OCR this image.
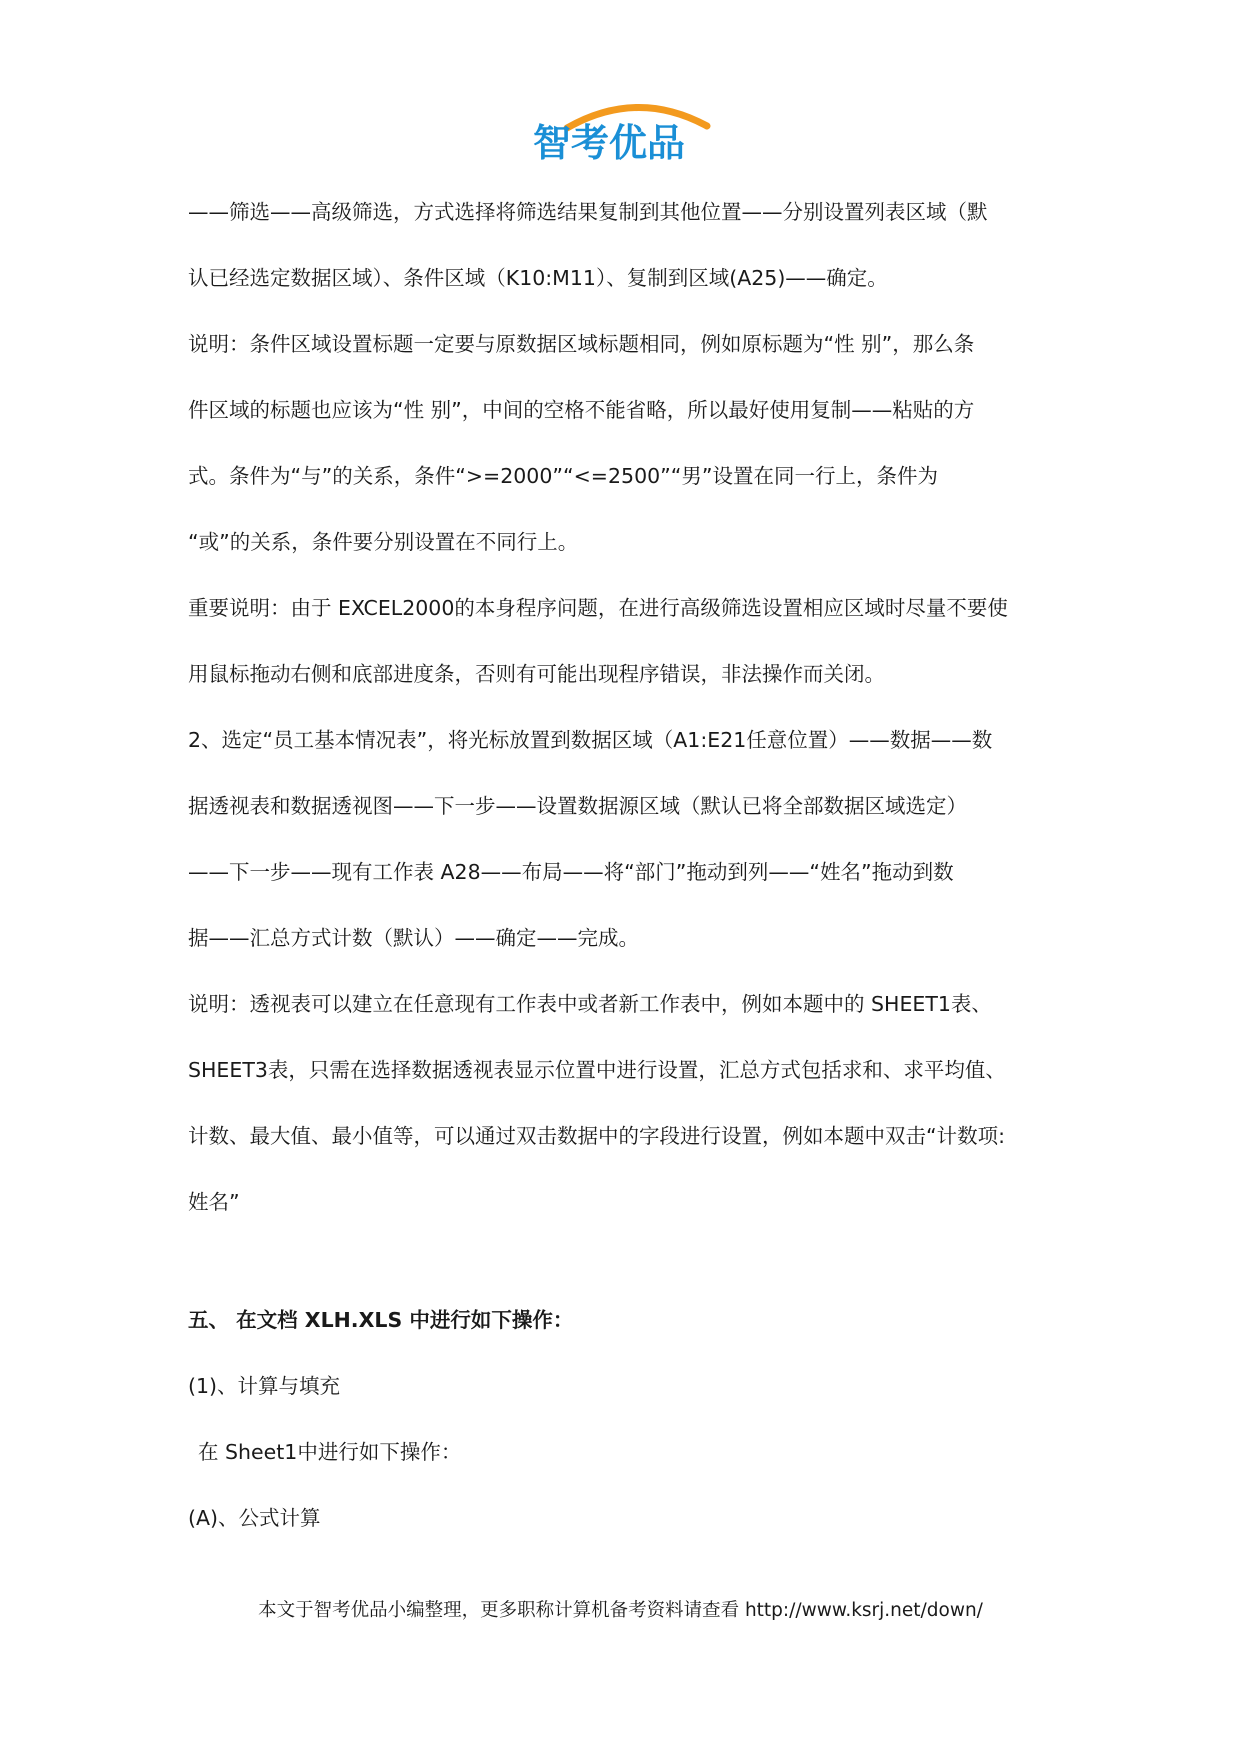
智考优品
——筛选——高级筛选，方式选择将筛选结果复制到其他位置——分别设置列表区域（默
认已经选定数据区域）、条件区域（K10:M11）、复制到区域(A25)——确定。
说明：条件区域设置标题一定要与原数据区域标题相同，例如原标题为“性 别”，那么条
件区域的标题也应该为“性 别”，中间的空格不能省略，所以最好使用复制——粘贴的方
式。条件为“与”的关系，条件“>=2000”“<=2500”“男”设置在同一行上，条件为
“或”的关系，条件要分别设置在不同行上。
重要说明：由于 EXCEL2000的本身程序问题，在进行高级筛选设置相应区域时尽量不要使
用鼠标拖动右侧和底部进度条，否则有可能出现程序错误，非法操作而关闭。
2、选定“员工基本情况表”，将光标放置到数据区域（A1:E21任意位置）——数据——数
据透视表和数据透视图——下一步——设置数据源区域（默认已将全部数据区域选定）
——下一步——现有工作表 A28——布局——将“部门”拖动到列——“姓名”拖动到数
据——汇总方式计数（默认）——确定——完成。
说明：透视表可以建立在任意现有工作表中或者新工作表中，例如本题中的 SHEET1表、
SHEET3表，只需在选择数据透视表显示位置中进行设置，汇总方式包括求和、求平均值、
计数、最大值、最小值等，可以通过双击数据中的字段进行设置，例如本题中双击“计数项:
姓名”
五、 在文档 XLH.XLS 中进行如下操作：
(1)、计算与填充
在 Sheet1中进行如下操作：
(A)、公式计算
本文于智考优品小编整理，更多职称计算机备考资料请查看 http://www.ksrj.net/down/
